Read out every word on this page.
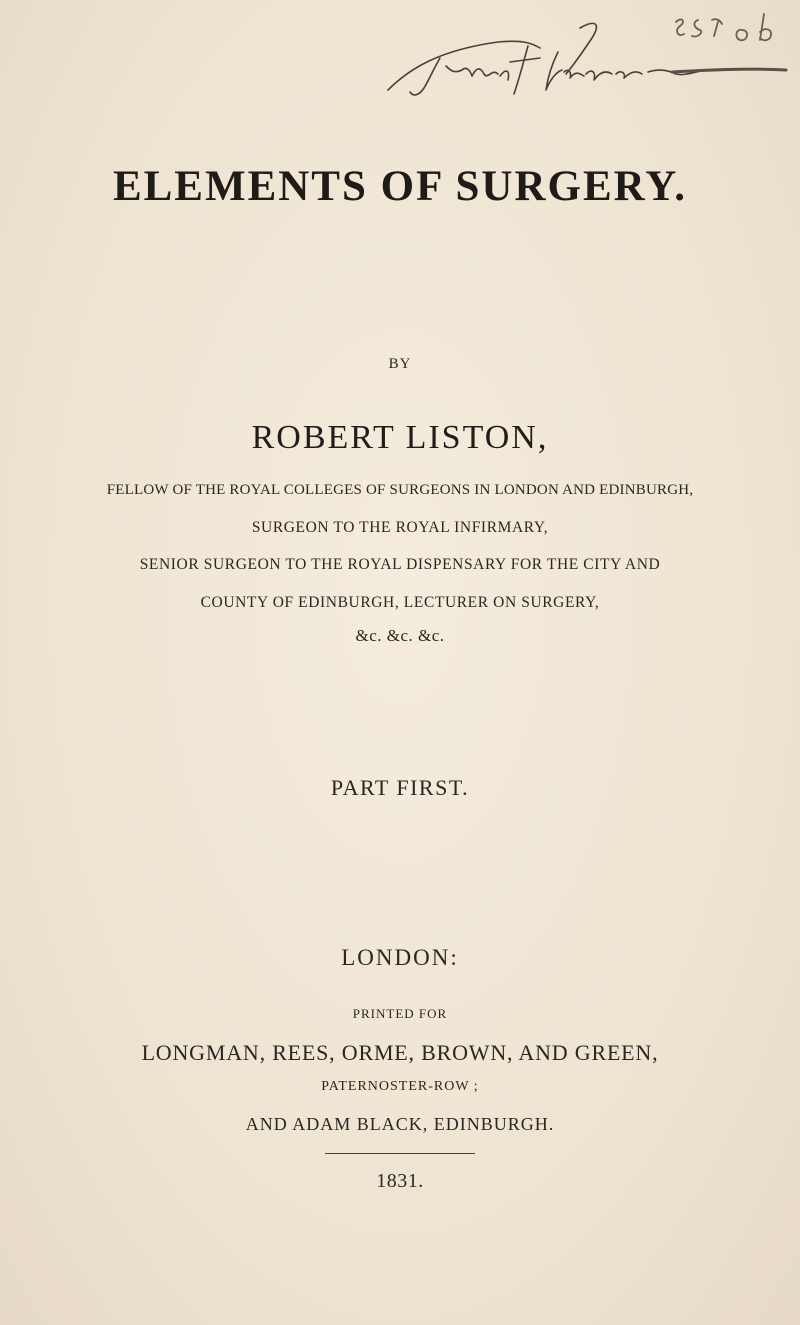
ELEMENTS OF SURGERY.
BY
ROBERT LISTON,
FELLOW OF THE ROYAL COLLEGES OF SURGEONS IN LONDON AND EDINBURGH,
SURGEON TO THE ROYAL INFIRMARY,
SENIOR SURGEON TO THE ROYAL DISPENSARY FOR THE CITY AND
COUNTY OF EDINBURGH, LECTURER ON SURGERY,
&c. &c. &c.
PART FIRST.
LONDON:
PRINTED FOR
LONGMAN, REES, ORME, BROWN, AND GREEN,
PATERNOSTER-ROW ;
AND ADAM BLACK, EDINBURGH.
1831.
